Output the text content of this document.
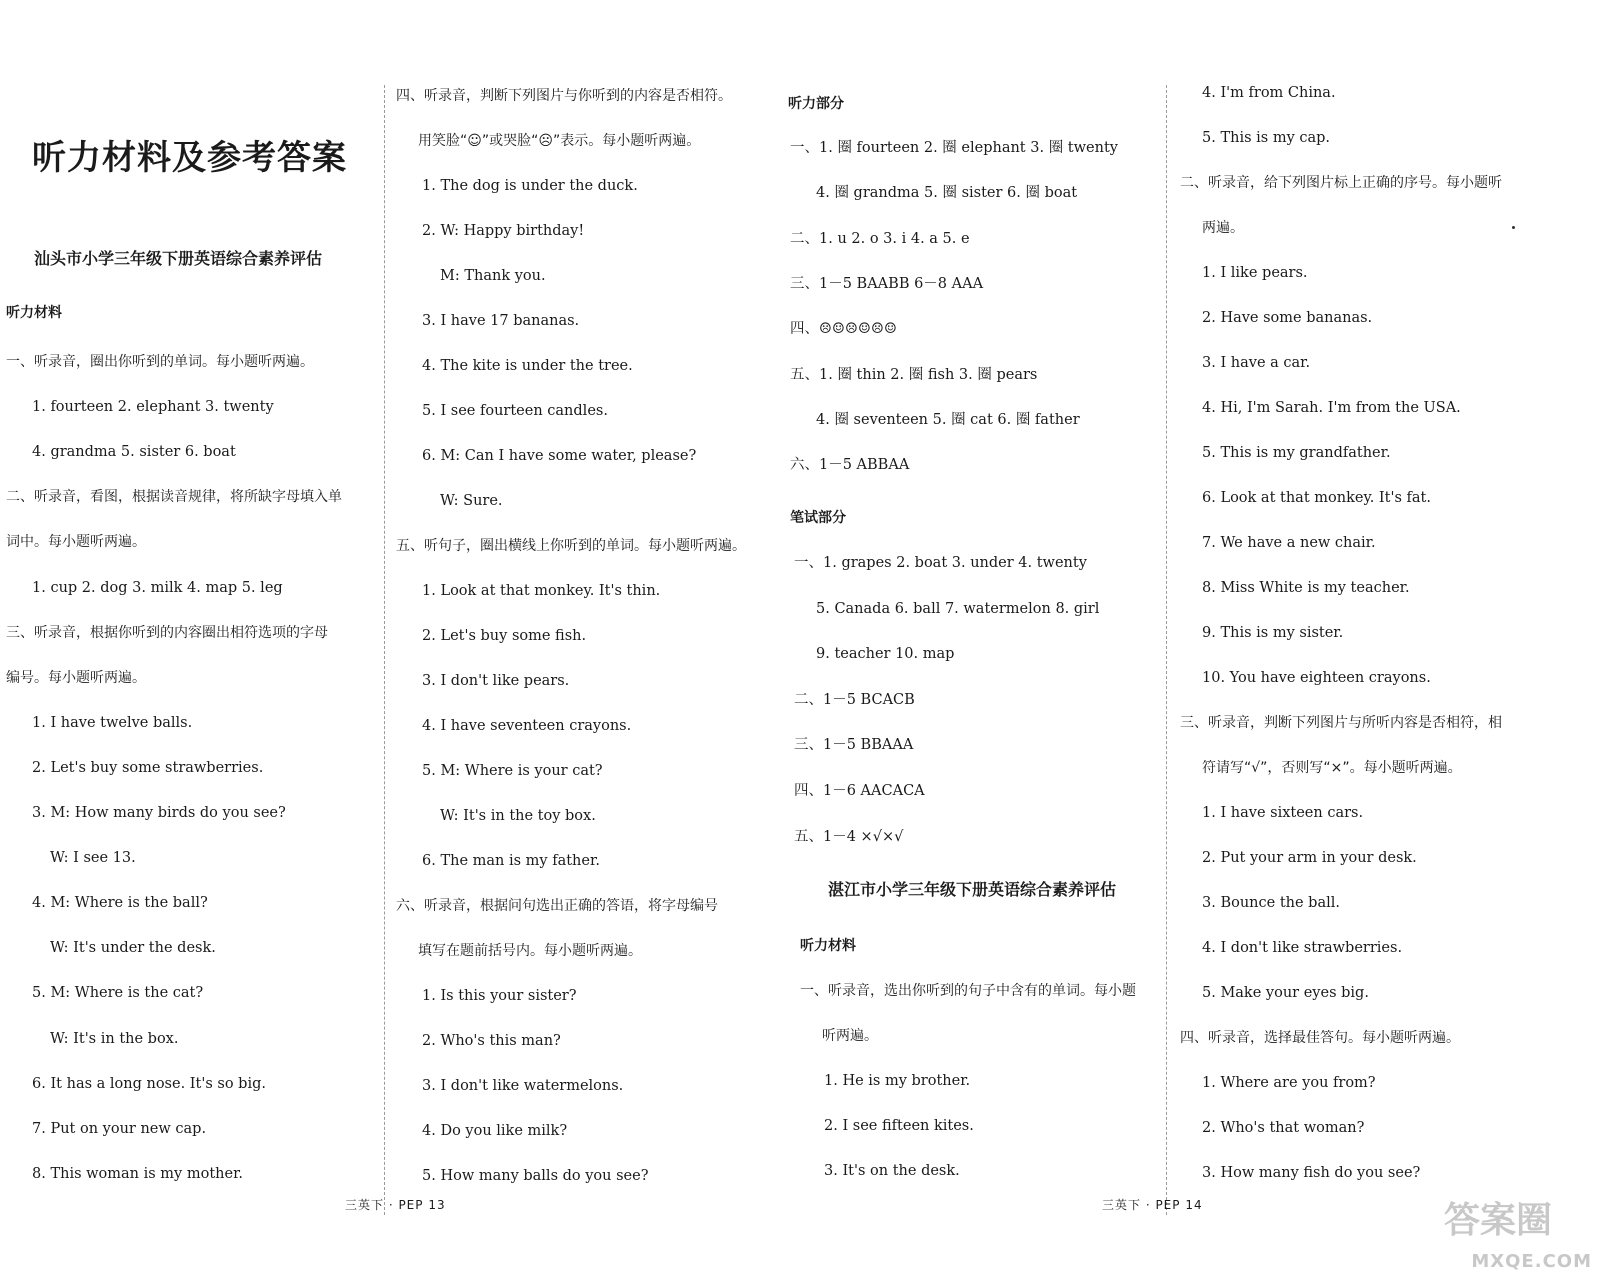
听力材料及参考答案
汕头市小学三年级下册英语综合素养评估
听力材料
一、听录音，圈出你听到的单词。每小题听两遍。
1. fourteen 2. elephant 3. twenty
4. grandma 5. sister 6. boat
二、听录音，看图，根据读音规律，将所缺字母填入单
词中。每小题听两遍。
1. cup 2. dog 3. milk 4. map 5. leg
三、听录音，根据你听到的内容圈出相符选项的字母
编号。每小题听两遍。
1. I have twelve balls.
2. Let's buy some strawberries.
3. M: How many birds do you see?
W: I see 13.
4. M: Where is the ball?
W: It's under the desk.
5. M: Where is the cat?
W: It's in the box.
6. It has a long nose. It's so big.
7. Put on your new cap.
8. This woman is my mother.
四、听录音，判断下列图片与你听到的内容是否相符。
用笑脸“☺”或哭脸“☹”表示。每小题听两遍。
1. The dog is under the duck.
2. W: Happy birthday!
M: Thank you.
3. I have 17 bananas.
4. The kite is under the tree.
5. I see fourteen candles.
6. M: Can I have some water, please?
W: Sure.
五、听句子，圈出横线上你听到的单词。每小题听两遍。
1. Look at that monkey. It's thin.
2. Let's buy some fish.
3. I don't like pears.
4. I have seventeen crayons.
5. M: Where is your cat?
W: It's in the toy box.
6. The man is my father.
六、听录音，根据问句选出正确的答语，将字母编号
填写在题前括号内。每小题听两遍。
1. Is this your sister?
2. Who's this man?
3. I don't like watermelons.
4. Do you like milk?
5. How many balls do you see?
三英下 · PEP 13
听力部分
一、1. 圈 fourteen 2. 圈 elephant 3. 圈 twenty
4. 圈 grandma 5. 圈 sister 6. 圈 boat
二、1. u 2. o 3. i 4. a 5. e
三、1－5 BAABB 6－8 AAA
四、☹☺☹☺☹☺
五、1. 圈 thin 2. 圈 fish 3. 圈 pears
4. 圈 seventeen 5. 圈 cat 6. 圈 father
六、1－5 ABBAA
笔试部分
一、1. grapes 2. boat 3. under 4. twenty
5. Canada 6. ball 7. watermelon 8. girl
9. teacher 10. map
二、1－5 BCACB
三、1－5 BBAAA
四、1－6 AACACA
五、1－4 ×√×√
湛江市小学三年级下册英语综合素养评估
听力材料
一、听录音，选出你听到的句子中含有的单词。每小题
听两遍。
1. He is my brother.
2. I see fifteen kites.
3. It's on the desk.
4. I'm from China.
5. This is my cap.
二、听录音，给下列图片标上正确的序号。每小题听
两遍。
1. I like pears.
2. Have some bananas.
3. I have a car.
4. Hi, I'm Sarah. I'm from the USA.
5. This is my grandfather.
6. Look at that monkey. It's fat.
7. We have a new chair.
8. Miss White is my teacher.
9. This is my sister.
10. You have eighteen crayons.
三、听录音，判断下列图片与所听内容是否相符，相
符请写“√”，否则写“×”。每小题听两遍。
1. I have sixteen cars.
2. Put your arm in your desk.
3. Bounce the ball.
4. I don't like strawberries.
5. Make your eyes big.
四、听录音，选择最佳答句。每小题听两遍。
1. Where are you from?
2. Who's that woman?
3. How many fish do you see?
三英下 · PEP 14	答案圈
MXQE.COM
